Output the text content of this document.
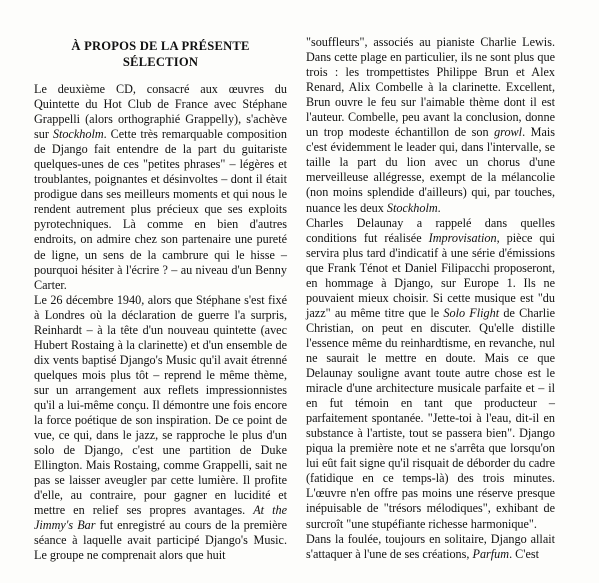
À PROPOS DE LA PRÉSENTE
SÉLECTION

Le deuxième CD, consacré aux œuvres du Quintette du Hot Club de France avec Stéphane Grappelli (alors orthographié Grappelly), s'achève sur Stockholm. Cette très remarquable composition de Django fait entendre de la part du guitariste quelques-unes de ces "petites phrases" – légères et troublantes, poignantes et désinvoltes – dont il était prodigue dans ses meilleurs moments et qui nous le rendent autrement plus précieux que ses exploits pyrotechniques. Là comme en bien d'autres endroits, on admire chez son partenaire une pureté de ligne, un sens de la cambrure qui le hisse – pourquoi hésiter à l'écrire ? – au niveau d'un Benny Carter.

Le 26 décembre 1940, alors que Stéphane s'est fixé à Londres où la déclaration de guerre l'a surpris, Reinhardt – à la tête d'un nouveau quintette (avec Hubert Rostaing à la clarinette) et d'un ensemble de dix vents baptisé Django's Music qu'il avait étrenné quelques mois plus tôt – reprend le même thème, sur un arrangement aux reflets impressionnistes qu'il a lui-même conçu. Il démontre une fois encore la force poétique de son inspiration. De ce point de vue, ce qui, dans le jazz, se rapproche le plus d'un solo de Django, c'est une partition de Duke Ellington. Mais Rostaing, comme Grappelli, sait ne pas se laisser aveugler par cette lumière. Il profite d'elle, au contraire, pour gagner en lucidité et mettre en relief ses propres avantages. At the Jimmy's Bar fut enregistré au cours de la première séance à laquelle avait participé Django's Music. Le groupe ne comprenait alors que huit

"souffleurs", associés au pianiste Charlie Lewis. Dans cette plage en particulier, ils ne sont plus que trois : les trompettistes Philippe Brun et Alex Renard, Alix Combelle à la clarinette. Excellent, Brun ouvre le feu sur l'aimable thème dont il est l'auteur. Combelle, peu avant la conclusion, donne un trop modeste échantillon de son growl. Mais c'est évidemment le leader qui, dans l'intervalle, se taille la part du lion avec un chorus d'une merveilleuse allégresse, exempt de la mélancolie (non moins splendide d'ailleurs) qui, par touches, nuance les deux Stockholm.

Charles Delaunay a rappelé dans quelles conditions fut réalisée Improvisation, pièce qui servira plus tard d'indicatif à une série d'émissions que Frank Ténot et Daniel Filipacchi proposeront, en hommage à Django, sur Europe 1. Ils ne pouvaient mieux choisir. Si cette musique est "du jazz" au même titre que le Solo Flight de Charlie Christian, on peut en discuter. Qu'elle distille l'essence même du reinhardtisme, en revanche, nul ne saurait le mettre en doute. Mais ce que Delaunay souligne avant toute autre chose est le miracle d'une architecture musicale parfaite et – il en fut témoin en tant que producteur – parfaitement spontanée. "Jette-toi à l'eau, dit-il en substance à l'artiste, tout se passera bien". Django piqua la première note et ne s'arrêta que lorsqu'on lui eût fait signe qu'il risquait de déborder du cadre (fatidique en ce temps-là) des trois minutes. L'œuvre n'en offre pas moins une réserve presque inépuisable de "trésors mélodiques", exhibant de surcroît "une stupéfiante richesse harmonique".

Dans la foulée, toujours en solitaire, Django allait s'attaquer à l'une de ses créations, Parfum. C'est
